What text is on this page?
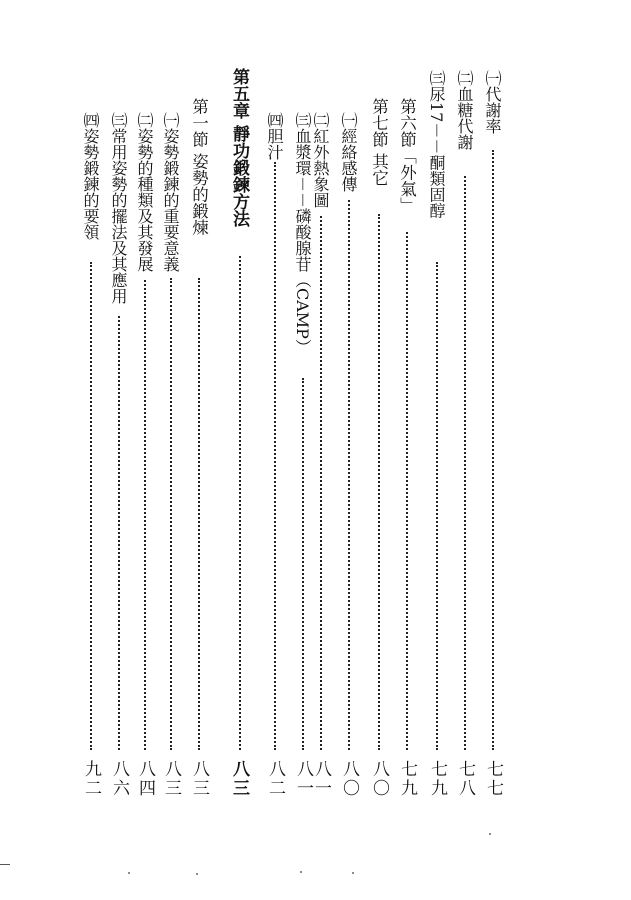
㈠代謝率
七七
㈡血糖代謝
七八
㈢尿17－－酮類固醇
七九
第六節「外氣」
七九
第七節 其它
八〇
㈠經絡感傳
八〇
㈡紅外熱象圖
八一
㈢血漿環－－磷酸腺苷（CAMP）
八一
㈣胆汁
八二
第五章 靜功鍛鍊方法
八三
第一節 姿勢的鍛煉
八三
㈠姿勢鍛鍊的重要意義
八三
㈡姿勢的種類及其發展
八四
㈢常用姿勢的擺法及其應用
八六
㈣姿勢鍛鍊的要領
九二
